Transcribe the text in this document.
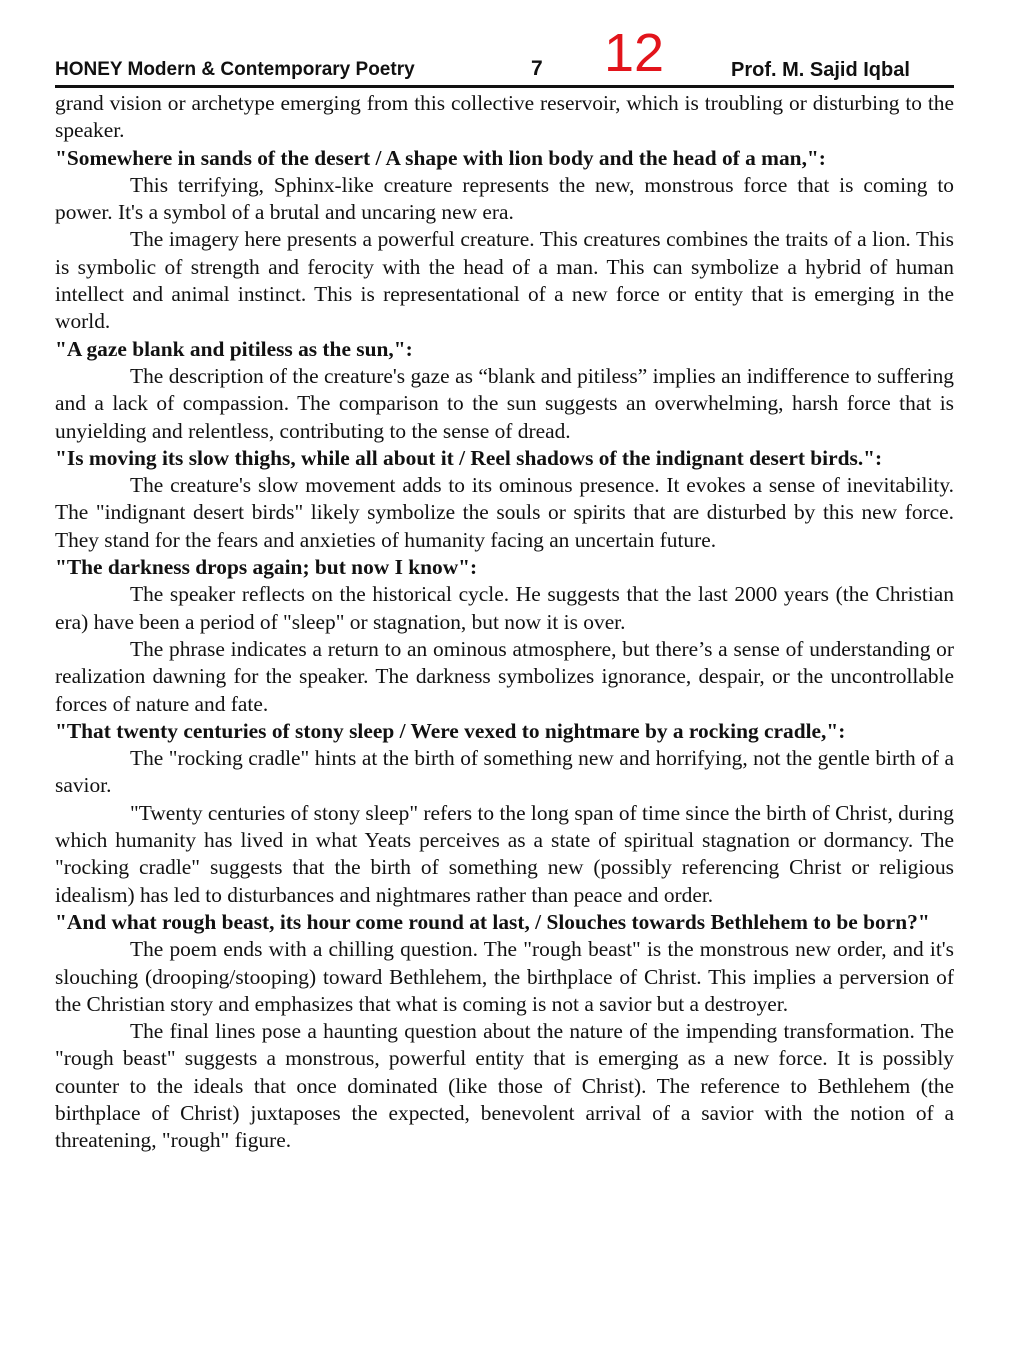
HONEY Modern & Contemporary Poetry	7 12	Prof. M. Sajid Iqbal

grand vision or archetype emerging from this collective reservoir, which is troubling or disturbing to the speaker.

"Somewhere in sands of the desert / A shape with lion body and the head of a man,":

This terrifying, Sphinx-like creature represents the new, monstrous force that is coming to power. It's a symbol of a brutal and uncaring new era.

The imagery here presents a powerful creature. This creatures combines the traits of a lion. This is symbolic of strength and ferocity with the head of a man. This can symbolize a hybrid of human intellect and animal instinct. This is representational of a new force or entity that is emerging in the world.

"A gaze blank and pitiless as the sun,":

The description of the creature's gaze as “blank and pitiless” implies an indifference to suffering and a lack of compassion. The comparison to the sun suggests an overwhelming, harsh force that is unyielding and relentless, contributing to the sense of dread.

"Is moving its slow thighs, while all about it / Reel shadows of the indignant desert birds.":

The creature's slow movement adds to its ominous presence. It evokes a sense of inevitability. The "indignant desert birds" likely symbolize the souls or spirits that are disturbed by this new force. They stand for the fears and anxieties of humanity facing an uncertain future.

"The darkness drops again; but now I know":

The speaker reflects on the historical cycle. He suggests that the last 2000 years (the Christian era) have been a period of "sleep" or stagnation, but now it is over.

The phrase indicates a return to an ominous atmosphere, but there’s a sense of understanding or realization dawning for the speaker. The darkness symbolizes ignorance, despair, or the uncontrollable forces of nature and fate.

"That twenty centuries of stony sleep / Were vexed to nightmare by a rocking cradle,":

The "rocking cradle" hints at the birth of something new and horrifying, not the gentle birth of a savior.

"Twenty centuries of stony sleep" refers to the long span of time since the birth of Christ, during which humanity has lived in what Yeats perceives as a state of spiritual stagnation or dormancy. The "rocking cradle" suggests that the birth of something new (possibly referencing Christ or religious idealism) has led to disturbances and nightmares rather than peace and order.

"And what rough beast, its hour come round at last, / Slouches towards Bethlehem to be born?"

The poem ends with a chilling question. The "rough beast" is the monstrous new order, and it's slouching (drooping/stooping) toward Bethlehem, the birthplace of Christ. This implies a perversion of the Christian story and emphasizes that what is coming is not a savior but a destroyer.

The final lines pose a haunting question about the nature of the impending transformation. The "rough beast" suggests a monstrous, powerful entity that is emerging as a new force. It is possibly counter to the ideals that once dominated (like those of Christ). The reference to Bethlehem (the birthplace of Christ) juxtaposes the expected, benevolent arrival of a savior with the notion of a threatening, "rough" figure.
